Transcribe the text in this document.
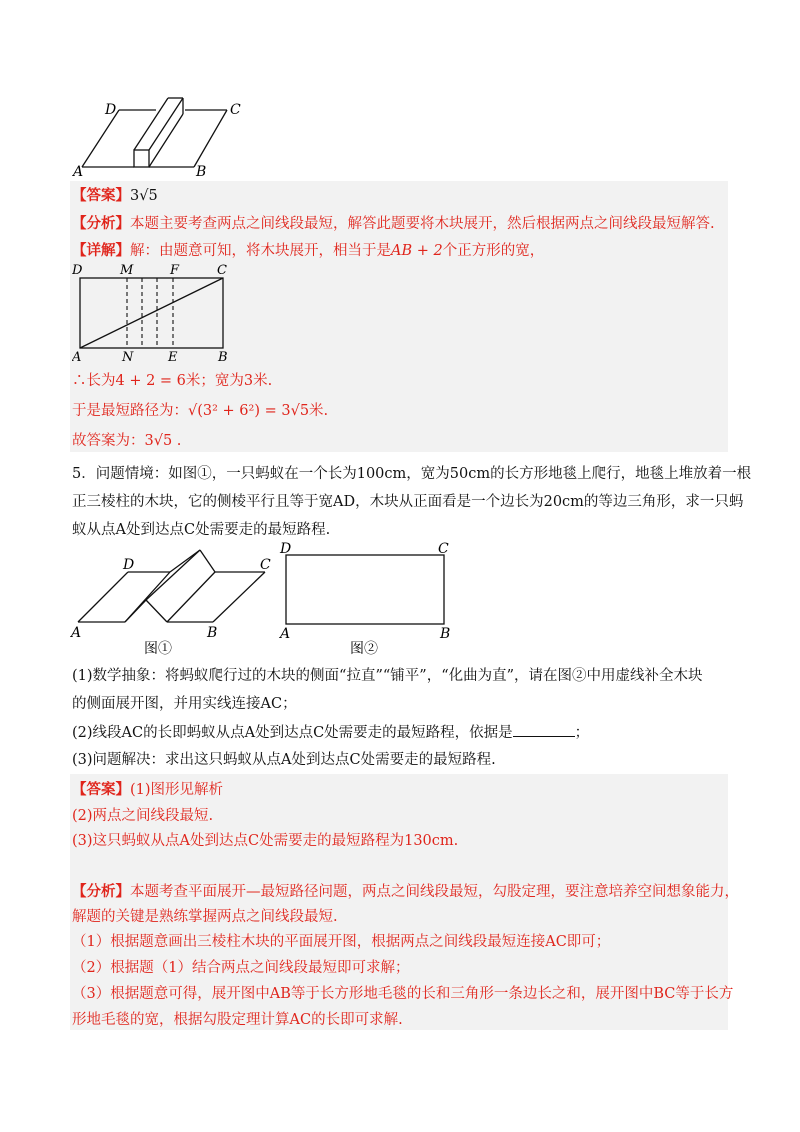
D	C
A	B
【答案】3√5
【分析】本题主要考查两点之间线段最短，解答此题要将木块展开，然后根据两点之间线段最短解答.
【详解】解：由题意可知，将木块展开，相当于是AB + 2个正方形的宽，
D	M	F	C
A	N	E	B
∴长为4 + 2 = 6米；宽为3米.
于是最短路径为：√(3² + 6²) = 3√5米.
故答案为：3√5 .
5．问题情境：如图①，一只蚂蚁在一个长为100cm，宽为50cm的长方形地毯上爬行，地毯上堆放着一根
正三棱柱的木块，它的侧棱平行且等于宽AD，木块从正面看是一个边长为20cm的等边三角形，求一只蚂
蚁从点A处到达点C处需要走的最短路程.
D	C
A	B
图①
D	C
A	B
图②
(1)数学抽象：将蚂蚁爬行过的木块的侧面“拉直”“铺平”，“化曲为直”，请在图②中用虚线补全木块
的侧面展开图，并用实线连接AC；
(2)线段AC的长即蚂蚁从点A处到达点C处需要走的最短路程，依据是	；
(3)问题解决：求出这只蚂蚁从点A处到达点C处需要走的最短路程.
【答案】(1)图形见解析
(2)两点之间线段最短.
(3)这只蚂蚁从点A处到达点C处需要走的最短路程为130cm.
【分析】本题考查平面展开—最短路径问题，两点之间线段最短，勾股定理，要注意培养空间想象能力，
解题的关键是熟练掌握两点之间线段最短.
（1）根据题意画出三棱柱木块的平面展开图，根据两点之间线段最短连接AC即可；
（2）根据题（1）结合两点之间线段最短即可求解；
（3）根据题意可得，展开图中AB等于长方形地毛毯的长和三角形一条边长之和，展开图中BC等于长方
形地毛毯的宽，根据勾股定理计算AC的长即可求解.
